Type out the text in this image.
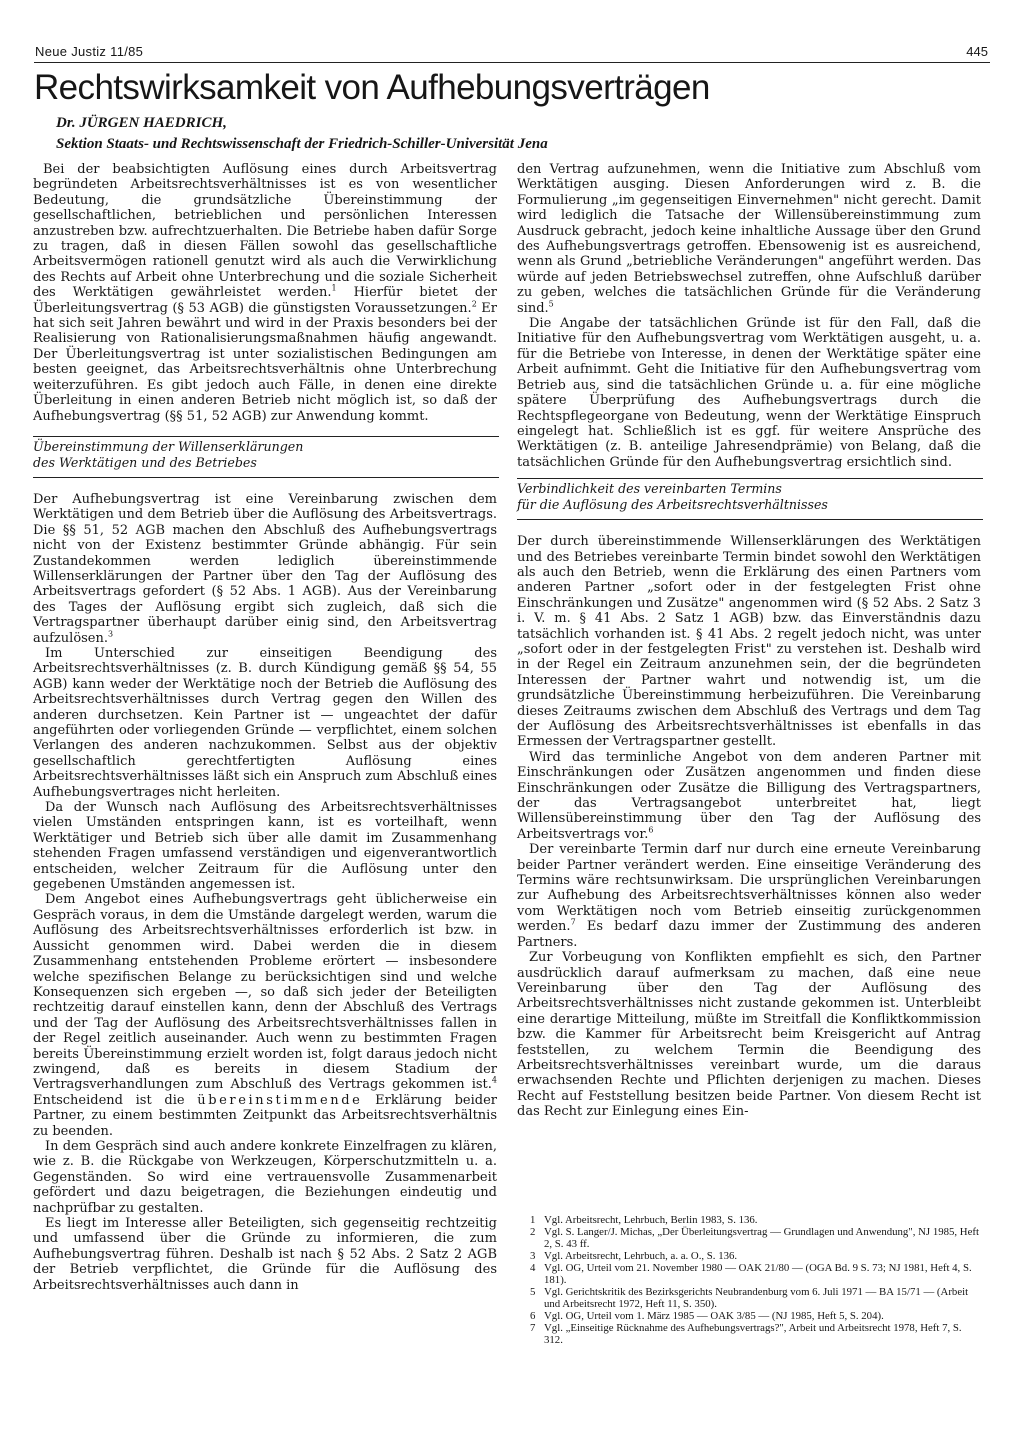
Neue Justiz 11/85	445
Rechtswirksamkeit von Aufhebungsverträgen
Dr. JÜRGEN HAEDRICH,
Sektion Staats- und Rechtswissenschaft der Friedrich-Schiller-Universität Jena

Bei der beabsichtigten Auflösung eines durch Arbeitsvertrag begründeten Arbeitsrechtsverhältnisses ist es von wesentlicher Bedeutung, die grundsätzliche Übereinstimmung der gesellschaftlichen, betrieblichen und persönlichen Interessen anzustreben bzw. aufrechtzuerhalten. Die Betriebe haben dafür Sorge zu tragen, daß in diesen Fällen sowohl das gesellschaftliche Arbeitsvermögen rationell genutzt wird als auch die Verwirklichung des Rechts auf Arbeit ohne Unterbrechung und die soziale Sicherheit des Werktätigen gewährleistet werden.$^1$ Hierfür bietet der Überleitungsvertrag (§ 53 AGB) die günstigsten Voraussetzungen.$^2$ Er hat sich seit Jahren bewährt und wird in der Praxis besonders bei der Realisierung von Rationalisierungsmaßnahmen häufig angewandt. Der Überleitungsvertrag ist unter sozialistischen Bedingungen am besten geeignet, das Arbeitsrechtsverhältnis ohne Unterbrechung weiterzuführen. Es gibt jedoch auch Fälle, in denen eine direkte Überleitung in einen anderen Betrieb nicht möglich ist, so daß der Aufhebungsvertrag (§§ 51, 52 AGB) zur Anwendung kommt.

Übereinstimmung der Willenserklärungen
des Werktätigen und des Betriebes

Der Aufhebungsvertrag ist eine Vereinbarung zwischen dem Werktätigen und dem Betrieb über die Auflösung des Arbeitsvertrags. Die §§ 51, 52 AGB machen den Abschluß des Aufhebungsvertrags nicht von der Existenz bestimmter Gründe abhängig. Für sein Zustandekommen werden lediglich übereinstimmende Willenserklärungen der Partner über den Tag der Auflösung des Arbeitsvertrags gefordert (§ 52 Abs. 1 AGB). Aus der Vereinbarung des Tages der Auflösung ergibt sich zugleich, daß sich die Vertragspartner überhaupt darüber einig sind, den Arbeitsvertrag aufzulösen.$^3$

Im Unterschied zur einseitigen Beendigung des Arbeitsrechtsverhältnisses (z. B. durch Kündigung gemäß §§ 54, 55 AGB) kann weder der Werktätige noch der Betrieb die Auflösung des Arbeitsrechtsverhältnisses durch Vertrag gegen den Willen des anderen durchsetzen. Kein Partner ist — ungeachtet der dafür angeführten oder vorliegenden Gründe — verpflichtet, einem solchen Verlangen des anderen nachzukommen. Selbst aus der objektiv gesellschaftlich gerechtfertigten Auflösung eines Arbeitsrechtsverhältnisses läßt sich ein Anspruch zum Abschluß eines Aufhebungsvertrages nicht herleiten.

Da der Wunsch nach Auflösung des Arbeitsrechtsverhältnisses vielen Umständen entspringen kann, ist es vorteilhaft, wenn Werktätiger und Betrieb sich über alle damit im Zusammenhang stehenden Fragen umfassend verständigen und eigenverantwortlich entscheiden, welcher Zeitraum für die Auflösung unter den gegebenen Umständen angemessen ist.

Dem Angebot eines Aufhebungsvertrags geht üblicherweise ein Gespräch voraus, in dem die Umstände dargelegt werden, warum die Auflösung des Arbeitsrechtsverhältnisses erforderlich ist bzw. in Aussicht genommen wird. Dabei werden die in diesem Zusammenhang entstehenden Probleme erörtert — insbesondere welche spezifischen Belange zu berücksichtigen sind und welche Konsequenzen sich ergeben —, so daß sich jeder der Beteiligten rechtzeitig darauf einstellen kann, denn der Abschluß des Vertrags und der Tag der Auflösung des Arbeitsrechtsverhältnisses fallen in der Regel zeitlich auseinander. Auch wenn zu bestimmten Fragen bereits Übereinstimmung erzielt worden ist, folgt daraus jedoch nicht zwingend, daß es bereits in diesem Stadium der Vertragsverhandlungen zum Abschluß des Vertrags gekommen ist.$^4$ Entscheidend ist die übereinstimmende Erklärung beider Partner, zu einem bestimmten Zeitpunkt das Arbeitsrechtsverhältnis zu beenden.

In dem Gespräch sind auch andere konkrete Einzelfragen zu klären, wie z. B. die Rückgabe von Werkzeugen, Körperschutzmitteln u. a. Gegenständen. So wird eine vertrauensvolle Zusammenarbeit gefördert und dazu beigetragen, die Beziehungen eindeutig und nachprüfbar zu gestalten.

Es liegt im Interesse aller Beteiligten, sich gegenseitig rechtzeitig und umfassend über die Gründe zu informieren, die zum Aufhebungsvertrag führen. Deshalb ist nach § 52 Abs. 2 Satz 2 AGB der Betrieb verpflichtet, die Gründe für die Auflösung des Arbeitsrechtsverhältnisses auch dann in

den Vertrag aufzunehmen, wenn die Initiative zum Abschluß vom Werktätigen ausging. Diesen Anforderungen wird z. B. die Formulierung „im gegenseitigen Einvernehmen" nicht gerecht. Damit wird lediglich die Tatsache der Willensübereinstimmung zum Ausdruck gebracht, jedoch keine inhaltliche Aussage über den Grund des Aufhebungsvertrags getroffen. Ebensowenig ist es ausreichend, wenn als Grund „betriebliche Veränderungen" angeführt werden. Das würde auf jeden Betriebswechsel zutreffen, ohne Aufschluß darüber zu geben, welches die tatsächlichen Gründe für die Veränderung sind.$^5$

Die Angabe der tatsächlichen Gründe ist für den Fall, daß die Initiative für den Aufhebungsvertrag vom Werktätigen ausgeht, u. a. für die Betriebe von Interesse, in denen der Werktätige später eine Arbeit aufnimmt. Geht die Initiative für den Aufhebungsvertrag vom Betrieb aus, sind die tatsächlichen Gründe u. a. für eine mögliche spätere Überprüfung des Aufhebungsvertrags durch die Rechtspflegeorgane von Bedeutung, wenn der Werktätige Einspruch eingelegt hat. Schließlich ist es ggf. für weitere Ansprüche des Werktätigen (z. B. anteilige Jahresendprämie) von Belang, daß die tatsächlichen Gründe für den Aufhebungsvertrag ersichtlich sind.

Verbindlichkeit des vereinbarten Termins
für die Auflösung des Arbeitsrechtsverhältnisses

Der durch übereinstimmende Willenserklärungen des Werktätigen und des Betriebes vereinbarte Termin bindet sowohl den Werktätigen als auch den Betrieb, wenn die Erklärung des einen Partners vom anderen Partner „sofort oder in der festgelegten Frist ohne Einschränkungen und Zusätze" angenommen wird (§ 52 Abs. 2 Satz 3 i. V. m. § 41 Abs. 2 Satz 1 AGB) bzw. das Einverständnis dazu tatsächlich vorhanden ist. § 41 Abs. 2 regelt jedoch nicht, was unter „sofort oder in der festgelegten Frist" zu verstehen ist. Deshalb wird in der Regel ein Zeitraum anzunehmen sein, der die begründeten Interessen der Partner wahrt und notwendig ist, um die grundsätzliche Übereinstimmung herbeizuführen. Die Vereinbarung dieses Zeitraums zwischen dem Abschluß des Vertrags und dem Tag der Auflösung des Arbeitsrechtsverhältnisses ist ebenfalls in das Ermessen der Vertragspartner gestellt.

Wird das terminliche Angebot von dem anderen Partner mit Einschränkungen oder Zusätzen angenommen und finden diese Einschränkungen oder Zusätze die Billigung des Vertragspartners, der das Vertragsangebot unterbreitet hat, liegt Willensübereinstimmung über den Tag der Auflösung des Arbeitsvertrags vor.$^6$

Der vereinbarte Termin darf nur durch eine erneute Vereinbarung beider Partner verändert werden. Eine einseitige Veränderung des Termins wäre rechtsunwirksam. Die ursprünglichen Vereinbarungen zur Aufhebung des Arbeitsrechtsverhältnisses können also weder vom Werktätigen noch vom Betrieb einseitig zurückgenommen werden.$^7$ Es bedarf dazu immer der Zustimmung des anderen Partners.

Zur Vorbeugung von Konflikten empfiehlt es sich, den Partner ausdrücklich darauf aufmerksam zu machen, daß eine neue Vereinbarung über den Tag der Auflösung des Arbeitsrechtsverhältnisses nicht zustande gekommen ist. Unterbleibt eine derartige Mitteilung, müßte im Streitfall die Konfliktkommission bzw. die Kammer für Arbeitsrecht beim Kreisgericht auf Antrag feststellen, zu welchem Termin die Beendigung des Arbeitsrechtsverhältnisses vereinbart wurde, um die daraus erwachsenden Rechte und Pflichten derjenigen zu machen. Dieses Recht auf Feststellung besitzen beide Partner. Von diesem Recht ist das Recht zur Einlegung eines Ein-

1 Vgl. Arbeitsrecht, Lehrbuch, Berlin 1983, S. 136.
2 Vgl. S. Langer/J. Michas, „Der Überleitungsvertrag — Grundlagen und Anwendung", NJ 1985, Heft 2, S. 43 ff.
3 Vgl. Arbeitsrecht, Lehrbuch, a. a. O., S. 136.
4 Vgl. OG, Urteil vom 21. November 1980 — OAK 21/80 — (OGA Bd. 9 S. 73; NJ 1981, Heft 4, S. 181).
5 Vgl. Gerichtskritik des Bezirksgerichts Neubrandenburg vom 6. Juli 1971 — BA 15/71 — (Arbeit und Arbeitsrecht 1972, Heft 11, S. 350).
6 Vgl. OG, Urteil vom 1. März 1985 — OAK 3/85 — (NJ 1985, Heft 5, S. 204).
7 Vgl. „Einseitige Rücknahme des Aufhebungsvertrags?", Arbeit und Arbeitsrecht 1978, Heft 7, S. 312.
